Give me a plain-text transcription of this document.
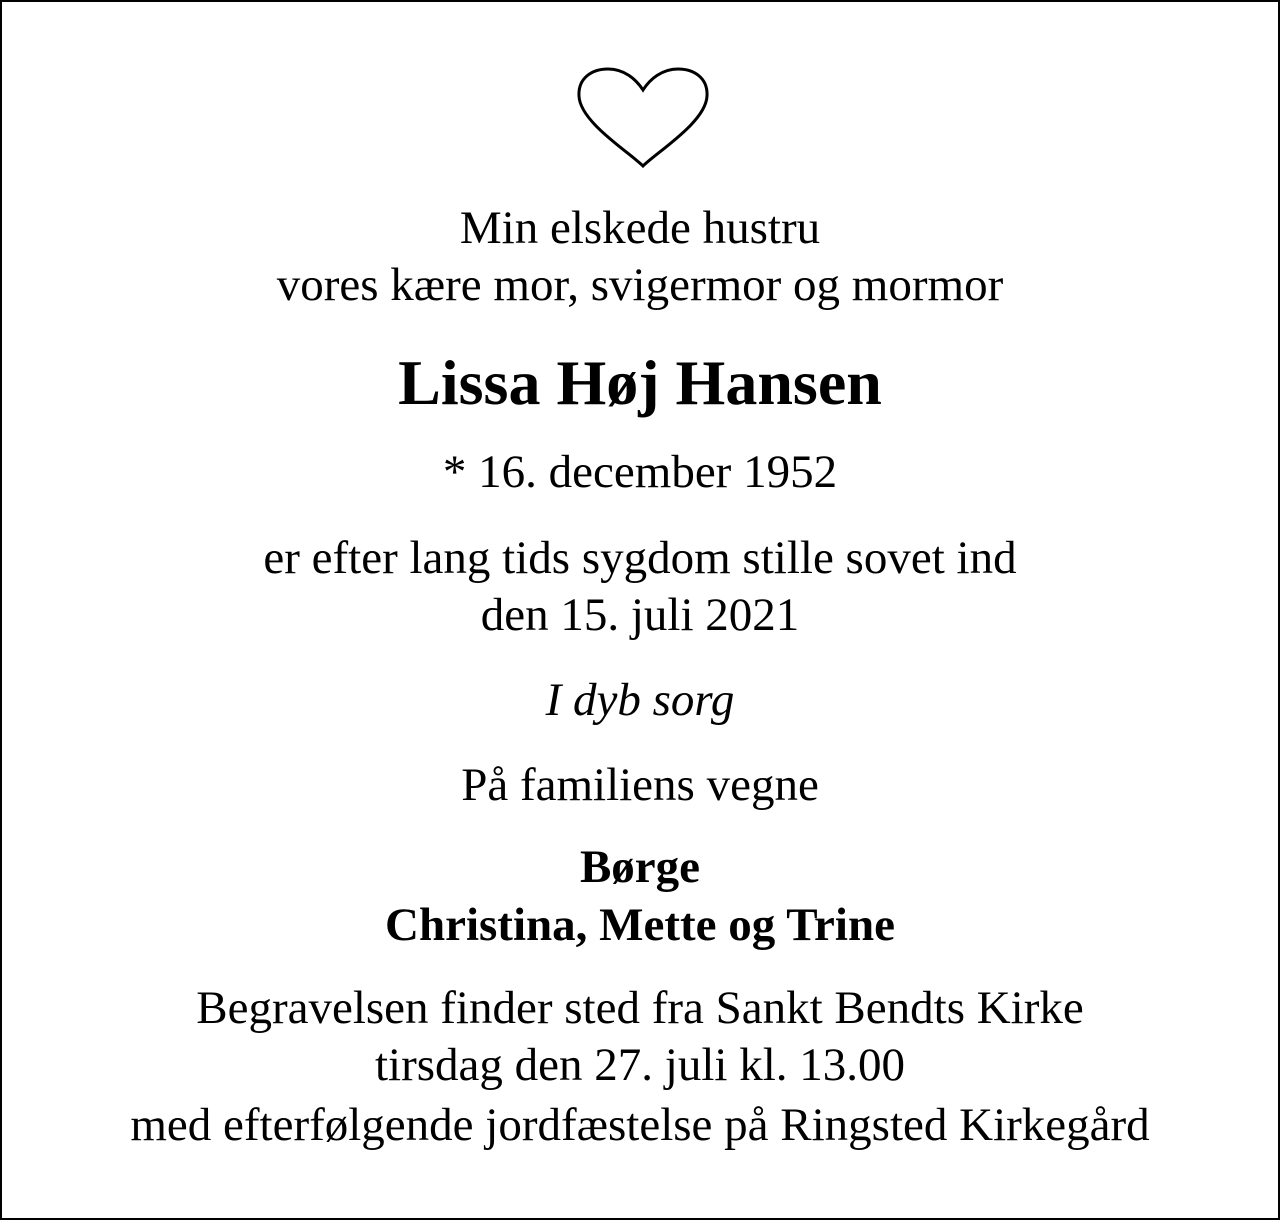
Min elskede hustru
vores kære mor, svigermor og mormor
Lissa Høj Hansen
* 16. december 1952
er efter lang tids sygdom stille sovet ind
den 15. juli 2021
I dyb sorg
På familiens vegne
Børge
Christina, Mette og Trine
Begravelsen finder sted fra Sankt Bendts Kirke
tirsdag den 27. juli kl. 13.00
med efterfølgende jordfæstelse på Ringsted Kirkegård
